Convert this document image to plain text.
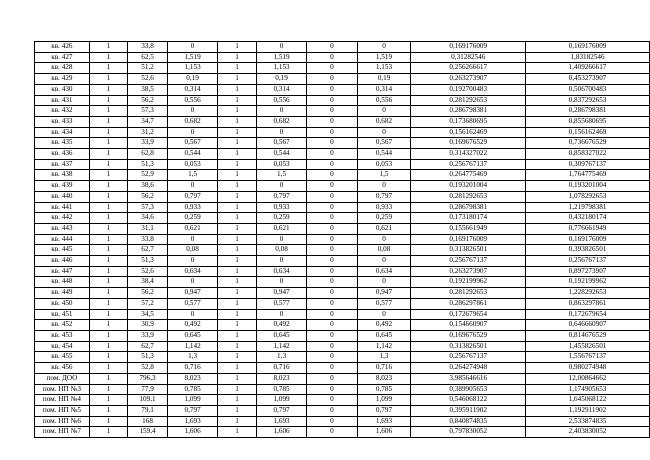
кв. 426	1	33,8	0	1	0	0	0	0,169176009	0,169176009
кв. 427	1	62,5	1,519	1	1,519	0	1,519	0,31282546	1,83182546
кв. 428	1	51,2	1,153	1	1,153	0	1,153	0,256266617	1,409266617
кв. 429	1	52,6	0,19	1	0,19	0	0,19	0,263273907	0,453273907
кв. 430	1	38,5	0,314	1	0,314	0	0,314	0,192700483	0,506700483
кв. 431	1	56,2	0,556	1	0,556	0	0,556	0,281292653	0,837292653
кв. 432	1	57,3	0	1	0	0	0	0,286798381	0,286798381
кв. 433	1	34,7	0,682	1	0,682	0	0,682	0,173680695	0,855680695
кв. 434	1	31,2	0	1	0	0	0	0,156162469	0,156162469
кв. 435	1	33,9	0,567	1	0,567	0	0,567	0,169676529	0,736676529
кв. 436	1	62,8	0,544	1	0,544	0	0,544	0,314327022	0,858327022
кв. 437	1	51,3	0,053	1	0,053	0	0,053	0,256767137	0,309767137
кв. 438	1	52,9	1,5	1	1,5	0	1,5	0,264775469	1,764775469
кв. 439	1	38,6	0	1	0	0	0	0,193201004	0,193201004
кв. 440	1	56,2	0,797	1	0,797	0	0,797	0,281292653	1,078292653
кв. 441	1	57,3	0,933	1	0,933	0	0,933	0,286798381	1,219798381
кв. 442	1	34,6	0,259	1	0,259	0	0,259	0,173180174	0,432180174
кв. 443	1	31,1	0,621	1	0,621	0	0,621	0,155661949	0,776661949
кв. 444	1	33,8	0	1	0	0	0	0,169176009	0,169176009
кв. 445	1	62,7	0,08	1	0,08	0	0,08	0,313826501	0,393826501
кв. 446	1	51,3	0	1	0	0	0	0,256767137	0,256767137
кв. 447	1	52,6	0,634	1	0,634	0	0,634	0,263273907	0,897273907
кв. 448	1	38,4	0	1	0	0	0	0,192199962	0,192199962
кв. 449	1	56,2	0,947	1	0,947	0	0,947	0,281292653	1,228292653
кв. 450	1	57,2	0,577	1	0,577	0	0,577	0,286297861	0,863297861
кв. 451	1	34,5	0	1	0	0	0	0,172679654	0,172679654
кв. 452	1	30,9	0,492	1	0,492	0	0,492	0,154660907	0,646660907
кв. 453	1	33,9	0,645	1	0,645	0	0,645	0,169676529	0,814676529
кв. 454	1	62,7	1,142	1	1,142	0	1,142	0,313826501	1,455826501
кв. 455	1	51,3	1,3	1	1,3	0	1,3	0,256767137	1,556767137
кв. 456	1	52,8	0,716	1	0,716	0	0,716	0,264274948	0,980274948
пом. ДОО	1	796,3	8,023	1	8,023	0	8,023	3,985646616	12,00864662
пом. НП №3	1	77,9	0,785	1	0,785	0	0,785	0,389905653	1,174905653
пом. НП №4	1	109,1	1,099	1	1,099	0	1,099	0,546068122	1,645068122
пом. НП №5	1	79,1	0,797	1	0,797	0	0,797	0,395911902	1,192911902
пом. НП №6	1	168	1,693	1	1,693	0	1,693	0,840874835	2,533874835
пом. НП №7	1	159,4	1,606	1	1,606	0	1,606	0,797830052	2,403830052
